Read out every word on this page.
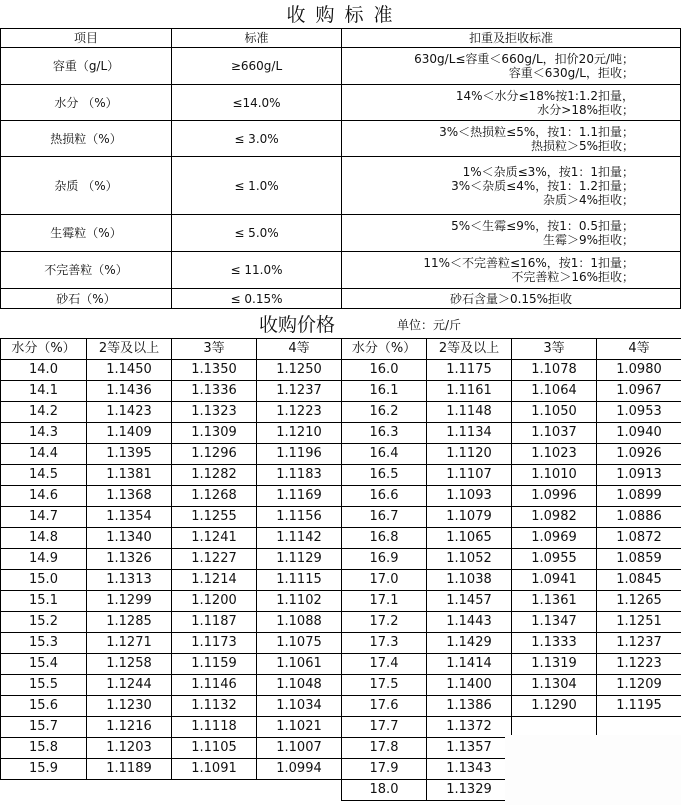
收 购 标 准
项目	标准	扣重及拒收标准
容重（g/L）	≥660g/L	630g/L≤容重＜660g/L，扣价20元/吨；
容重＜630g/L，拒收；

水分 （%）	≤14.0%	14%＜水分≤18%按1:1.2扣量，
水分>18%拒收；

热损粒（%）	≤ 3.0%	3%＜热损粒≤5%，按1：1.1扣量；
热损粒＞5%拒收；

杂质 （%）	≤ 1.0%	1%＜杂质≤3%，按1：1扣量；
3%＜杂质≤4%，按1：1.2扣量；
杂质＞4%拒收；

生霉粒（%）	≤ 5.0%	5%＜生霉≤9%，按1：0.5扣量；
生霉＞9%拒收；

不完善粒（%）	≤ 11.0%	11%＜不完善粒≤16%，按1：1扣量；
不完善粒＞16%拒收；

砂石（%）	≤ 0.15%	砂石含量＞0.15%拒收
收购价格	单位：元/斤
水分（%）	2等及以上	3等	4等
14.0	1.1450	1.1350	1.1250
14.1	1.1436	1.1336	1.1237
14.2	1.1423	1.1323	1.1223
14.3	1.1409	1.1309	1.1210
14.4	1.1395	1.1296	1.1196
14.5	1.1381	1.1282	1.1183
14.6	1.1368	1.1268	1.1169
14.7	1.1354	1.1255	1.1156
14.8	1.1340	1.1241	1.1142
14.9	1.1326	1.1227	1.1129
15.0	1.1313	1.1214	1.1115
15.1	1.1299	1.1200	1.1102
15.2	1.1285	1.1187	1.1088
15.3	1.1271	1.1173	1.1075
15.4	1.1258	1.1159	1.1061
15.5	1.1244	1.1146	1.1048
15.6	1.1230	1.1132	1.1034
15.7	1.1216	1.1118	1.1021
15.8	1.1203	1.1105	1.1007
15.9	1.1189	1.1091	1.0994
水分（%）	2等及以上	3等	4等
16.0	1.1175	1.1078	1.0980
16.1	1.1161	1.1064	1.0967
16.2	1.1148	1.1050	1.0953
16.3	1.1134	1.1037	1.0940
16.4	1.1120	1.1023	1.0926
16.5	1.1107	1.1010	1.0913
16.6	1.1093	1.0996	1.0899
16.7	1.1079	1.0982	1.0886
16.8	1.1065	1.0969	1.0872
16.9	1.1052	1.0955	1.0859
17.0	1.1038	1.0941	1.0845
17.1	1.1457	1.1361	1.1265
17.2	1.1443	1.1347	1.1251
17.3	1.1429	1.1333	1.1237
17.4	1.1414	1.1319	1.1223
17.5	1.1400	1.1304	1.1209
17.6	1.1386	1.1290	1.1195
17.7	1.1372		
17.8	1.1357		
17.9	1.1343		
18.0	1.1329		
